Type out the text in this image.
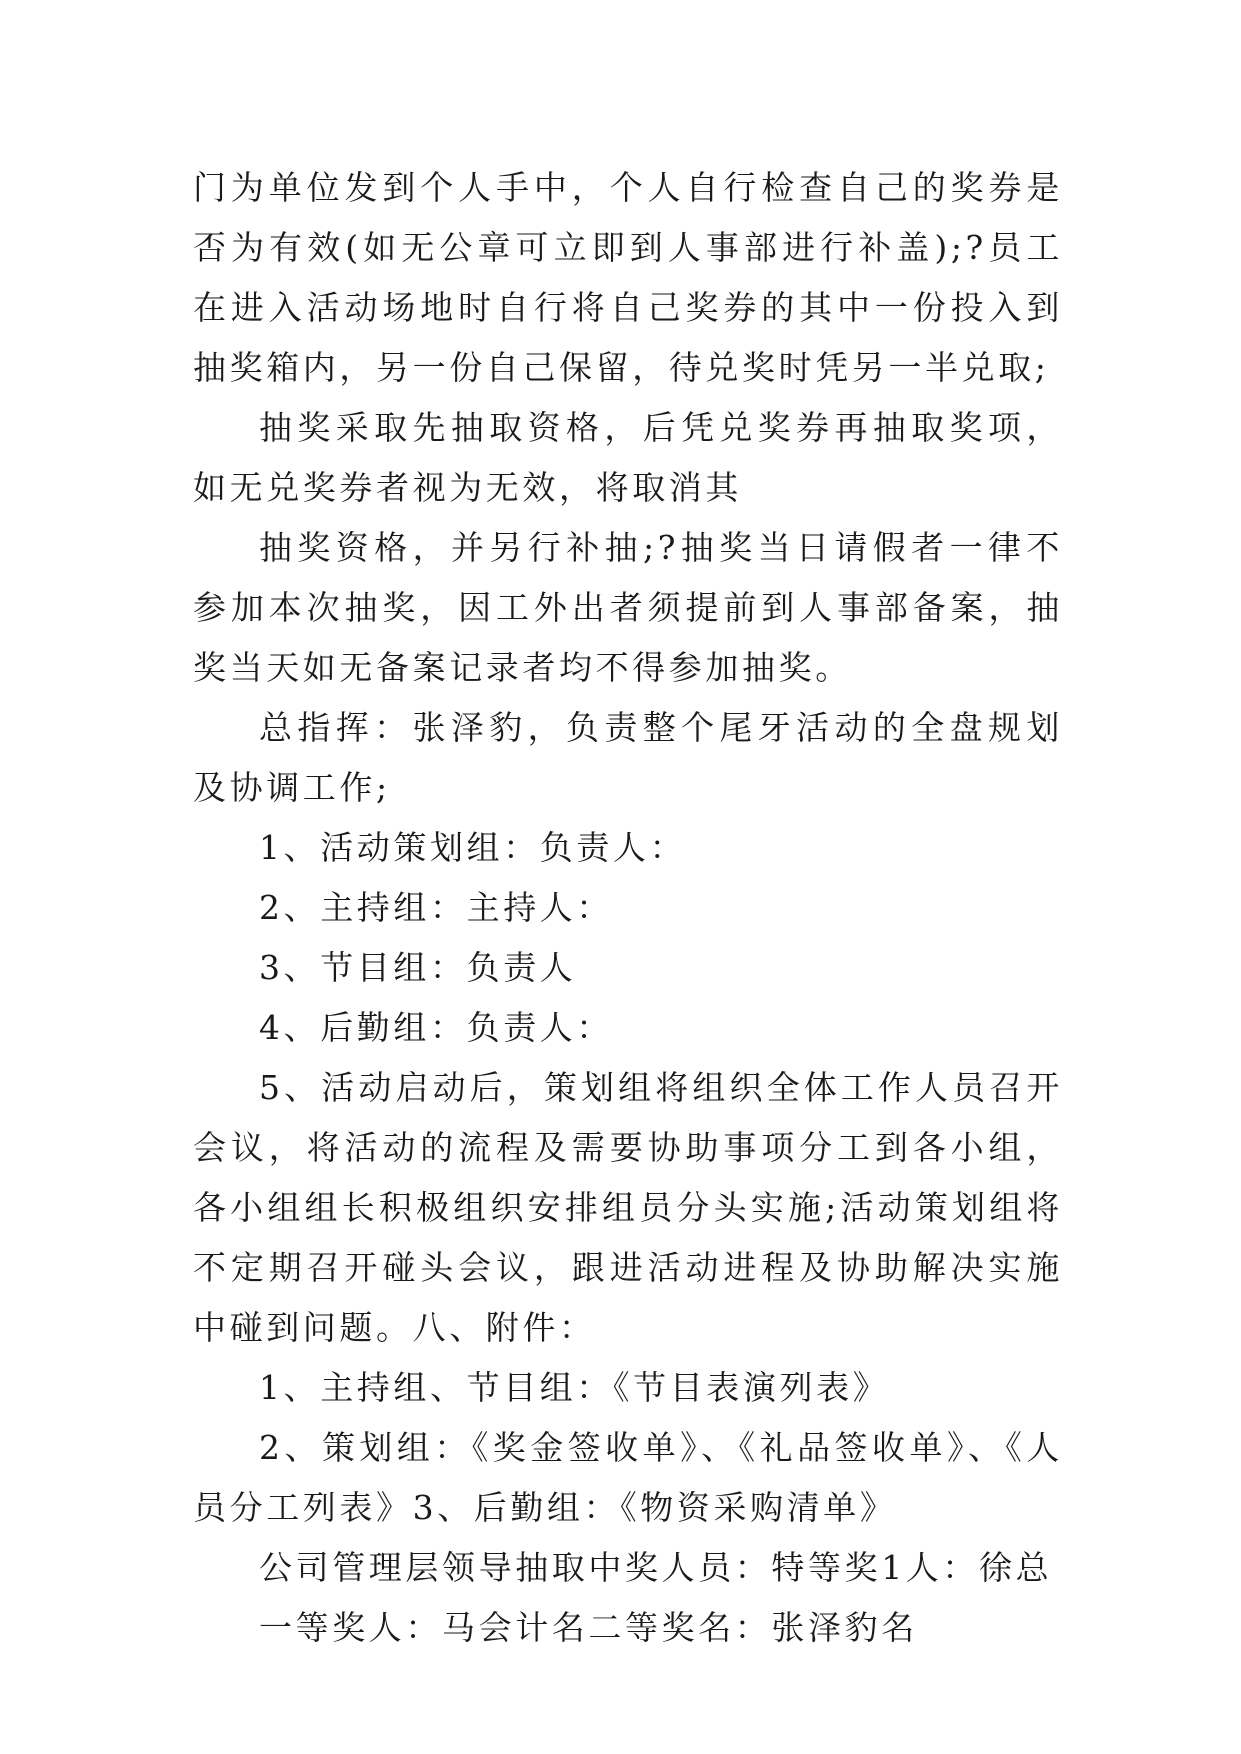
门为单位发到个人手中，个人自行检查自己的奖券是否为有效(如无公章可立即到人事部进行补盖);?员工在进入活动场地时自行将自己奖券的其中一份投入到抽奖箱内，另一份自己保留，待兑奖时凭另一半兑取;

抽奖采取先抽取资格，后凭兑奖券再抽取奖项，如无兑奖券者视为无效，将取消其

抽奖资格，并另行补抽;?抽奖当日请假者一律不参加本次抽奖，因工外出者须提前到人事部备案，抽奖当天如无备案记录者均不得参加抽奖。

总指挥：张泽豹，负责整个尾牙活动的全盘规划及协调工作;

1、活动策划组：负责人：

2、主持组：主持人：

3、节目组：负责人

4、后勤组：负责人：

5、活动启动后，策划组将组织全体工作人员召开会议，将活动的流程及需要协助事项分工到各小组，各小组组长积极组织安排组员分头实施;活动策划组将不定期召开碰头会议，跟进活动进程及协助解决实施中碰到问题。八、附件：

1、主持组、节目组：《节目表演列表》

2、策划组：《奖金签收单》、《礼品签收单》、《人员分工列表》3、后勤组：《物资采购清单》

公司管理层领导抽取中奖人员：特等奖1人：徐总

一等奖人：马会计名二等奖名：张泽豹名
